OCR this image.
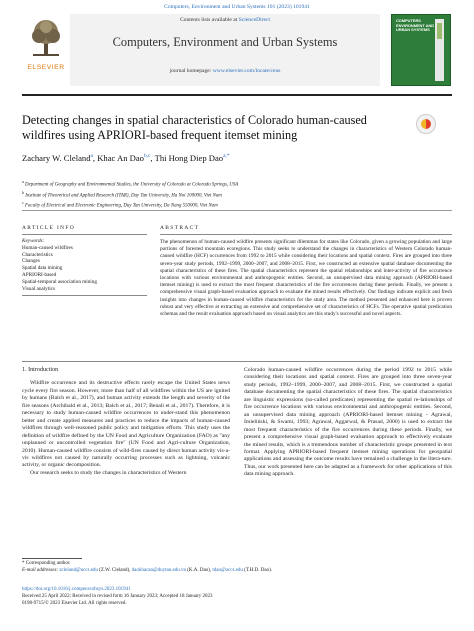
Computers, Environment and Urban Systems 101 (2023) 101941
ELSEVIER
Contents lists available at ScienceDirect
Computers, Environment and Urban Systems
journal homepage: www.elsevier.com/locate/ceus
COMPUTERS ENVIRONMENT AND URBAN SYSTEMS
Detecting changes in spatial characteristics of Colorado human-caused wildfires using APRIORI-based frequent itemset mining
Zachary W. Cleland$^a$, Khac An Dao$^{b,c}$, Thi Hong Diep Dao$^{a,*}$
$^a$ Department of Geography and Environmental Studies, the University of Colorado at Colorado Springs, USA
$^b$ Institute of Theoretical and Applied Research (ITAR), Duy Tan University, Ha Noi 100000, Viet Nam
$^c$ Faculty of Electrical and Electronic Engineering, Duy Tan University, Da Nang 550000, Viet Nam
ARTICLE INFO	ABSTRACT
Keywords:
Human-caused wildfires
Characteristics
Changes
Spatial data mining
APRIORI-based
Spatial-temporal association mining
Visual analytics
The phenomenon of human-caused wildfire presents significant dilemmas for states like Colorado, given a growing population and large portions of forested mountain ecoregions. This study seeks to understand the changes in characteristics of Western Colorado human-caused wildfire (HCF) occurrences from 1992 to 2015 while considering their locations and spatial context. Fires are grouped into three seven-year study periods, 1992–1999, 2000–2007, and 2008–2015. First, we constructed an extensive spatial database documenting the spatial characteristics of these fires. The spatial characteristics represent the spatial relationships and inter-activity of fire occurrence locations with various environmental and anthropogenic entities. Second, an unsupervised data mining approach (APRIORI-based itemset mining) is used to extract the most frequent characteristics of the fire occurrences during these periods. Finally, we present a comprehensive visual graph-based evaluation approach to evaluate the mined results effectively. Our findings indicate explicit and fresh insights into changes in human-caused wildfire characteristics for the study area. The method presented and enhanced here is proven robust and very effective at extracting an extensive and comprehensive set of characteristics of HCFs. The operative spatial predication schemas and the result evaluation approach based on visual analytics are this study's successful and novel aspects.
1. Introduction

Wildfire occurrence and its destructive effects rarely escape the United States news cycle every fire season. However, more than half of all wildfires within the US are ignited by humans (Balch et al., 2017), and human activity extends the length and severity of the fire seasons (Archibald et al., 2013; Balch et al., 2017; Benali et al., 2017). Therefore, it is necessary to study human-caused wildfire occurrences to under-stand this phenomenon better and create applied measures and practices to reduce the impacts of human-caused wildfires through well-reasoned public policy and mitigation efforts. This study uses the definition of wildfire defined by the UN Food and Agriculture Organization (FAO) as "any unplanned or uncontrolled vegetation fire" (UN Food and Agri-culture Organization, 2010). Human-caused wildfire consists of wild-fires caused by direct human activity vis-a-vis wildfires not caused by naturally occurring processes such as lightning, volcanic activity, or organic decomposition.

Our research seeks to study the changes in characteristics of Western

Colorado human-caused wildfire occurrences during the period 1992 to 2015 while considering their locations and spatial context. Fires are grouped into three seven-year study periods, 1992–1999, 2000–2007, and 2008–2015. First, we constructed a spatial database documenting the spatial characteristics of these fires. The spatial characteristics are linguistic expressions (so-called predicates) representing the spatial re-lationships of fire occurrence locations with various environmental and anthropogenic entities. Second, an unsupervised data mining approach (APRIORI-based itemset mining - Agrawal, Imieliński, & Swami, 1993; Agrawal, Aggarwal, & Prasad, 2000) is used to extract the most frequent characteristics of the fire occurrences during these periods. Finally, we present a comprehensive visual graph-based evaluation approach to effectively evaluate the mined results, which is a tremendous number of characteristic groups presented in text format. Applying APRIORI-based frequent itemset mining operations for geospatial applications and assessing the outcome results have remained a challenge in the litera-ture. Thus, our work presented here can be adapted as a framework for other applications of this data mining approach.

* Corresponding author.
E-mail addresses: zcleland@uccs.edu (Z.W. Cleland), daokhacan@duytan.edu.vn (K.A. Dao), tdao@uccs.edu (T.H.D. Dao).
https://doi.org/10.1016/j.compenvurbsys.2023.101941
Received 25 April 2022; Received in revised form 16 January 2023; Accepted 18 January 2023
0198-9715/© 2023 Elsevier Ltd. All rights reserved.
